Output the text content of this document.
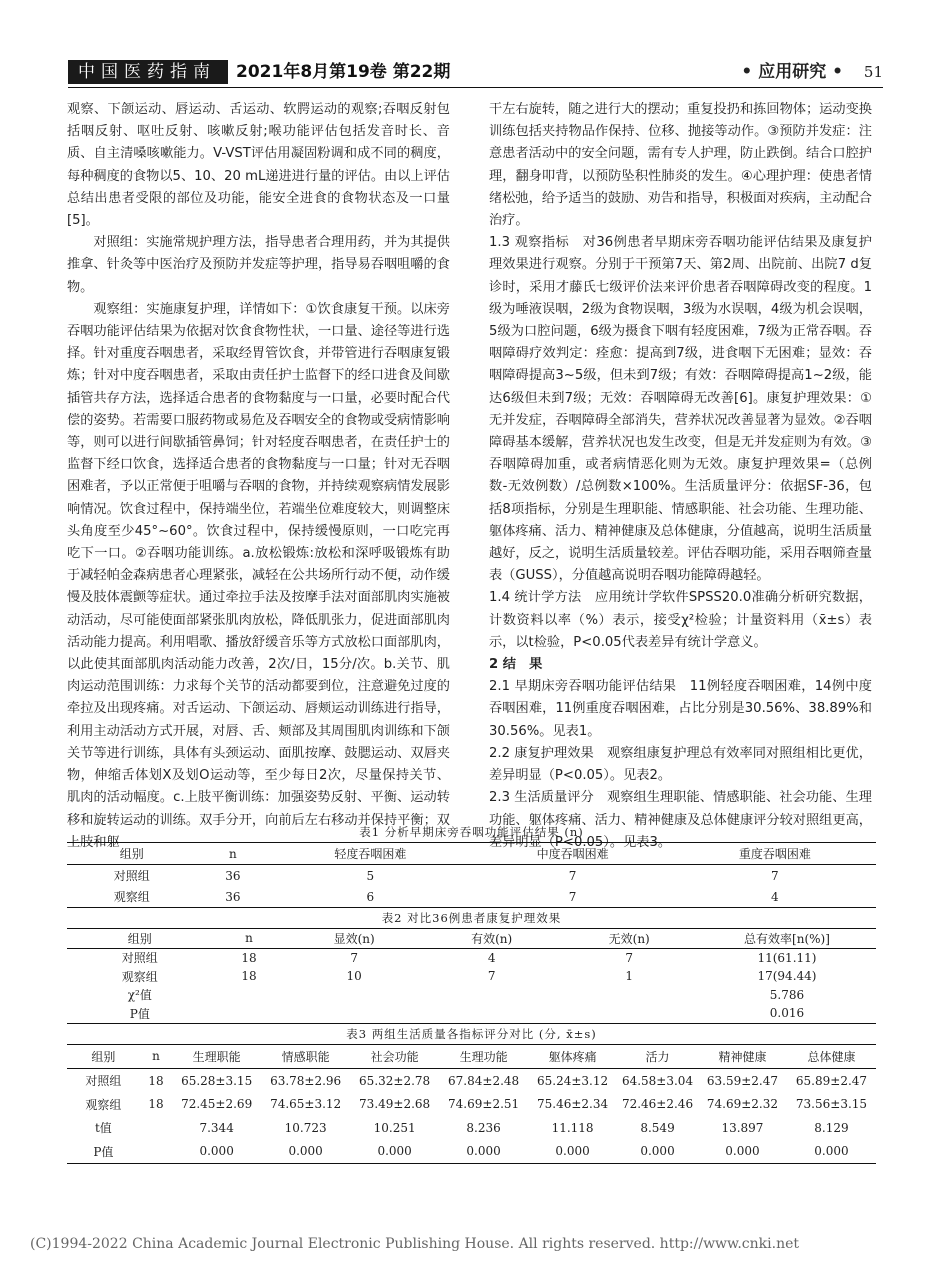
中国医药指南	2021年8月第19卷 第22期	• 应用研究 • 51

观察、下颌运动、唇运动、舌运动、软腭运动的观察;吞咽反射包括咽反射、呕吐反射、咳嗽反射;喉功能评估包括发音时长、音质、自主清嗓咳嗽能力。V-VST评估用凝固粉调和成不同的稠度，每种稠度的食物以5、10、20 mL递进进行量的评估。由以上评估总结出患者受限的部位及功能，能安全进食的食物状态及一口量[5]。

对照组：实施常规护理方法，指导患者合理用药，并为其提供推拿、针灸等中医治疗及预防并发症等护理，指导易吞咽咀嚼的食物。

观察组：实施康复护理，详情如下：①饮食康复干预。以床旁吞咽功能评估结果为依据对饮食食物性状，一口量、途径等进行选择。针对重度吞咽患者，采取经胃管饮食，并带管进行吞咽康复锻炼；针对中度吞咽患者，采取由责任护士监督下的经口进食及间歇插管共存方法，选择适合患者的食物黏度与一口量，必要时配合代偿的姿势。若需要口服药物或易危及吞咽安全的食物或受病情影响等，则可以进行间歇插管鼻饲；针对轻度吞咽患者，在责任护士的监督下经口饮食，选择适合患者的食物黏度与一口量；针对无吞咽困难者，予以正常便于咀嚼与吞咽的食物，并持续观察病情发展影响情况。饮食过程中，保持端坐位，若端坐位难度较大，则调整床头角度至少45°~60°。饮食过程中，保持缓慢原则，一口吃完再吃下一口。②吞咽功能训练。a.放松锻炼:放松和深呼吸锻炼有助于减轻帕金森病患者心理紧张，减轻在公共场所行动不便，动作缓慢及肢体震颤等症状。通过牵拉手法及按摩手法对面部肌肉实施被动活动，尽可能使面部紧张肌肉放松，降低肌张力，促进面部肌肉活动能力提高。利用唱歌、播放舒缓音乐等方式放松口面部肌肉，以此使其面部肌肉活动能力改善，2次/日，15分/次。b.关节、肌肉运动范围训练：力求每个关节的活动都要到位，注意避免过度的牵拉及出现疼痛。对舌运动、下颌运动、唇颊运动训练进行指导，利用主动活动方式开展，对唇、舌、颊部及其周围肌肉训练和下颌关节等进行训练，具体有头颈运动、面肌按摩、鼓腮运动、双唇夹物，伸缩舌体划X及划O运动等，至少每日2次，尽量保持关节、肌肉的活动幅度。c.上肢平衡训练：加强姿势反射、平衡、运动转移和旋转运动的训练。双手分开，向前后左右移动并保持平衡；双上肢和躯

干左右旋转，随之进行大的摆动；重复投扔和拣回物体；运动变换训练包括夹持物品作保持、位移、抛接等动作。③预防并发症：注意患者活动中的安全问题，需有专人护理，防止跌倒。结合口腔护理，翻身叩背，以预防坠积性肺炎的发生。④心理护理：使患者情绪松弛，给予适当的鼓励、劝告和指导，积极面对疾病，主动配合治疗。

1.3 观察指标　对36例患者早期床旁吞咽功能评估结果及康复护理效果进行观察。分别于干预第7天、第2周、出院前、出院7 d复诊时，采用才藤氏七级评价法来评价患者吞咽障碍改变的程度。1级为唾液误咽，2级为食物误咽，3级为水误咽，4级为机会误咽，5级为口腔问题，6级为摄食下咽有轻度困难，7级为正常吞咽。吞咽障碍疗效判定：痊愈：提高到7级，进食咽下无困难；显效：吞咽障碍提高3~5级，但未到7级；有效：吞咽障碍提高1~2级，能达6级但未到7级；无效：吞咽障碍无改善[6]。康复护理效果：①无并发症，吞咽障碍全部消失，营养状况改善显著为显效。②吞咽障碍基本缓解，营养状况也发生改变，但是无并发症则为有效。③吞咽障碍加重，或者病情恶化则为无效。康复护理效果=（总例数-无效例数）/总例数×100%。生活质量评分：依据SF-36，包括8项指标，分别是生理职能、情感职能、社会功能、生理功能、躯体疼痛、活力、精神健康及总体健康，分值越高，说明生活质量越好，反之，说明生活质量较差。评估吞咽功能，采用吞咽筛查量表（GUSS），分值越高说明吞咽功能障碍越轻。

1.4 统计学方法　应用统计学软件SPSS20.0准确分析研究数据，计数资料以率（%）表示，接受χ²检验；计量资料用（x̄±s）表示，以t检验，P<0.05代表差异有统计学意义。

2 结　果

2.1 早期床旁吞咽功能评估结果　11例轻度吞咽困难，14例中度吞咽困难，11例重度吞咽困难，占比分别是30.56%、38.89%和30.56%。见表1。

2.2 康复护理效果　观察组康复护理总有效率同对照组相比更优，差异明显（P<0.05）。见表2。

2.3 生活质量评分　观察组生理职能、情感职能、社会功能、生理功能、躯体疼痛、活力、精神健康及总体健康评分较对照组更高，差异明显（P<0.05）。见表3。

表1 分析早期床旁吞咽功能评估结果 (n)
组别	n	轻度吞咽困难	中度吞咽困难	重度吞咽困难
对照组	36	5	7	7
观察组	36	6	7	4
表2 对比36例患者康复护理效果
组别	n	显效(n)	有效(n)	无效(n)	总有效率[n(%)]
对照组	18	7	4	7	11(61.11)
观察组	18	10	7	1	17(94.44)
χ²值					5.786
P值					0.016
表3 两组生活质量各指标评分对比 (分, x̄±s)
组别	n	生理职能	情感职能	社会功能	生理功能	躯体疼痛	活力	精神健康	总体健康
对照组	18	65.28±3.15	63.78±2.96	65.32±2.78	67.84±2.48	65.24±3.12	64.58±3.04	63.59±2.47	65.89±2.47
观察组	18	72.45±2.69	74.65±3.12	73.49±2.68	74.69±2.51	75.46±2.34	72.46±2.46	74.69±2.32	73.56±3.15
t值		7.344	10.723	10.251	8.236	11.118	8.549	13.897	8.129
P值		0.000	0.000	0.000	0.000	0.000	0.000	0.000	0.000
(C)1994-2022 China Academic Journal Electronic Publishing House. All rights reserved. http://www.cnki.net
